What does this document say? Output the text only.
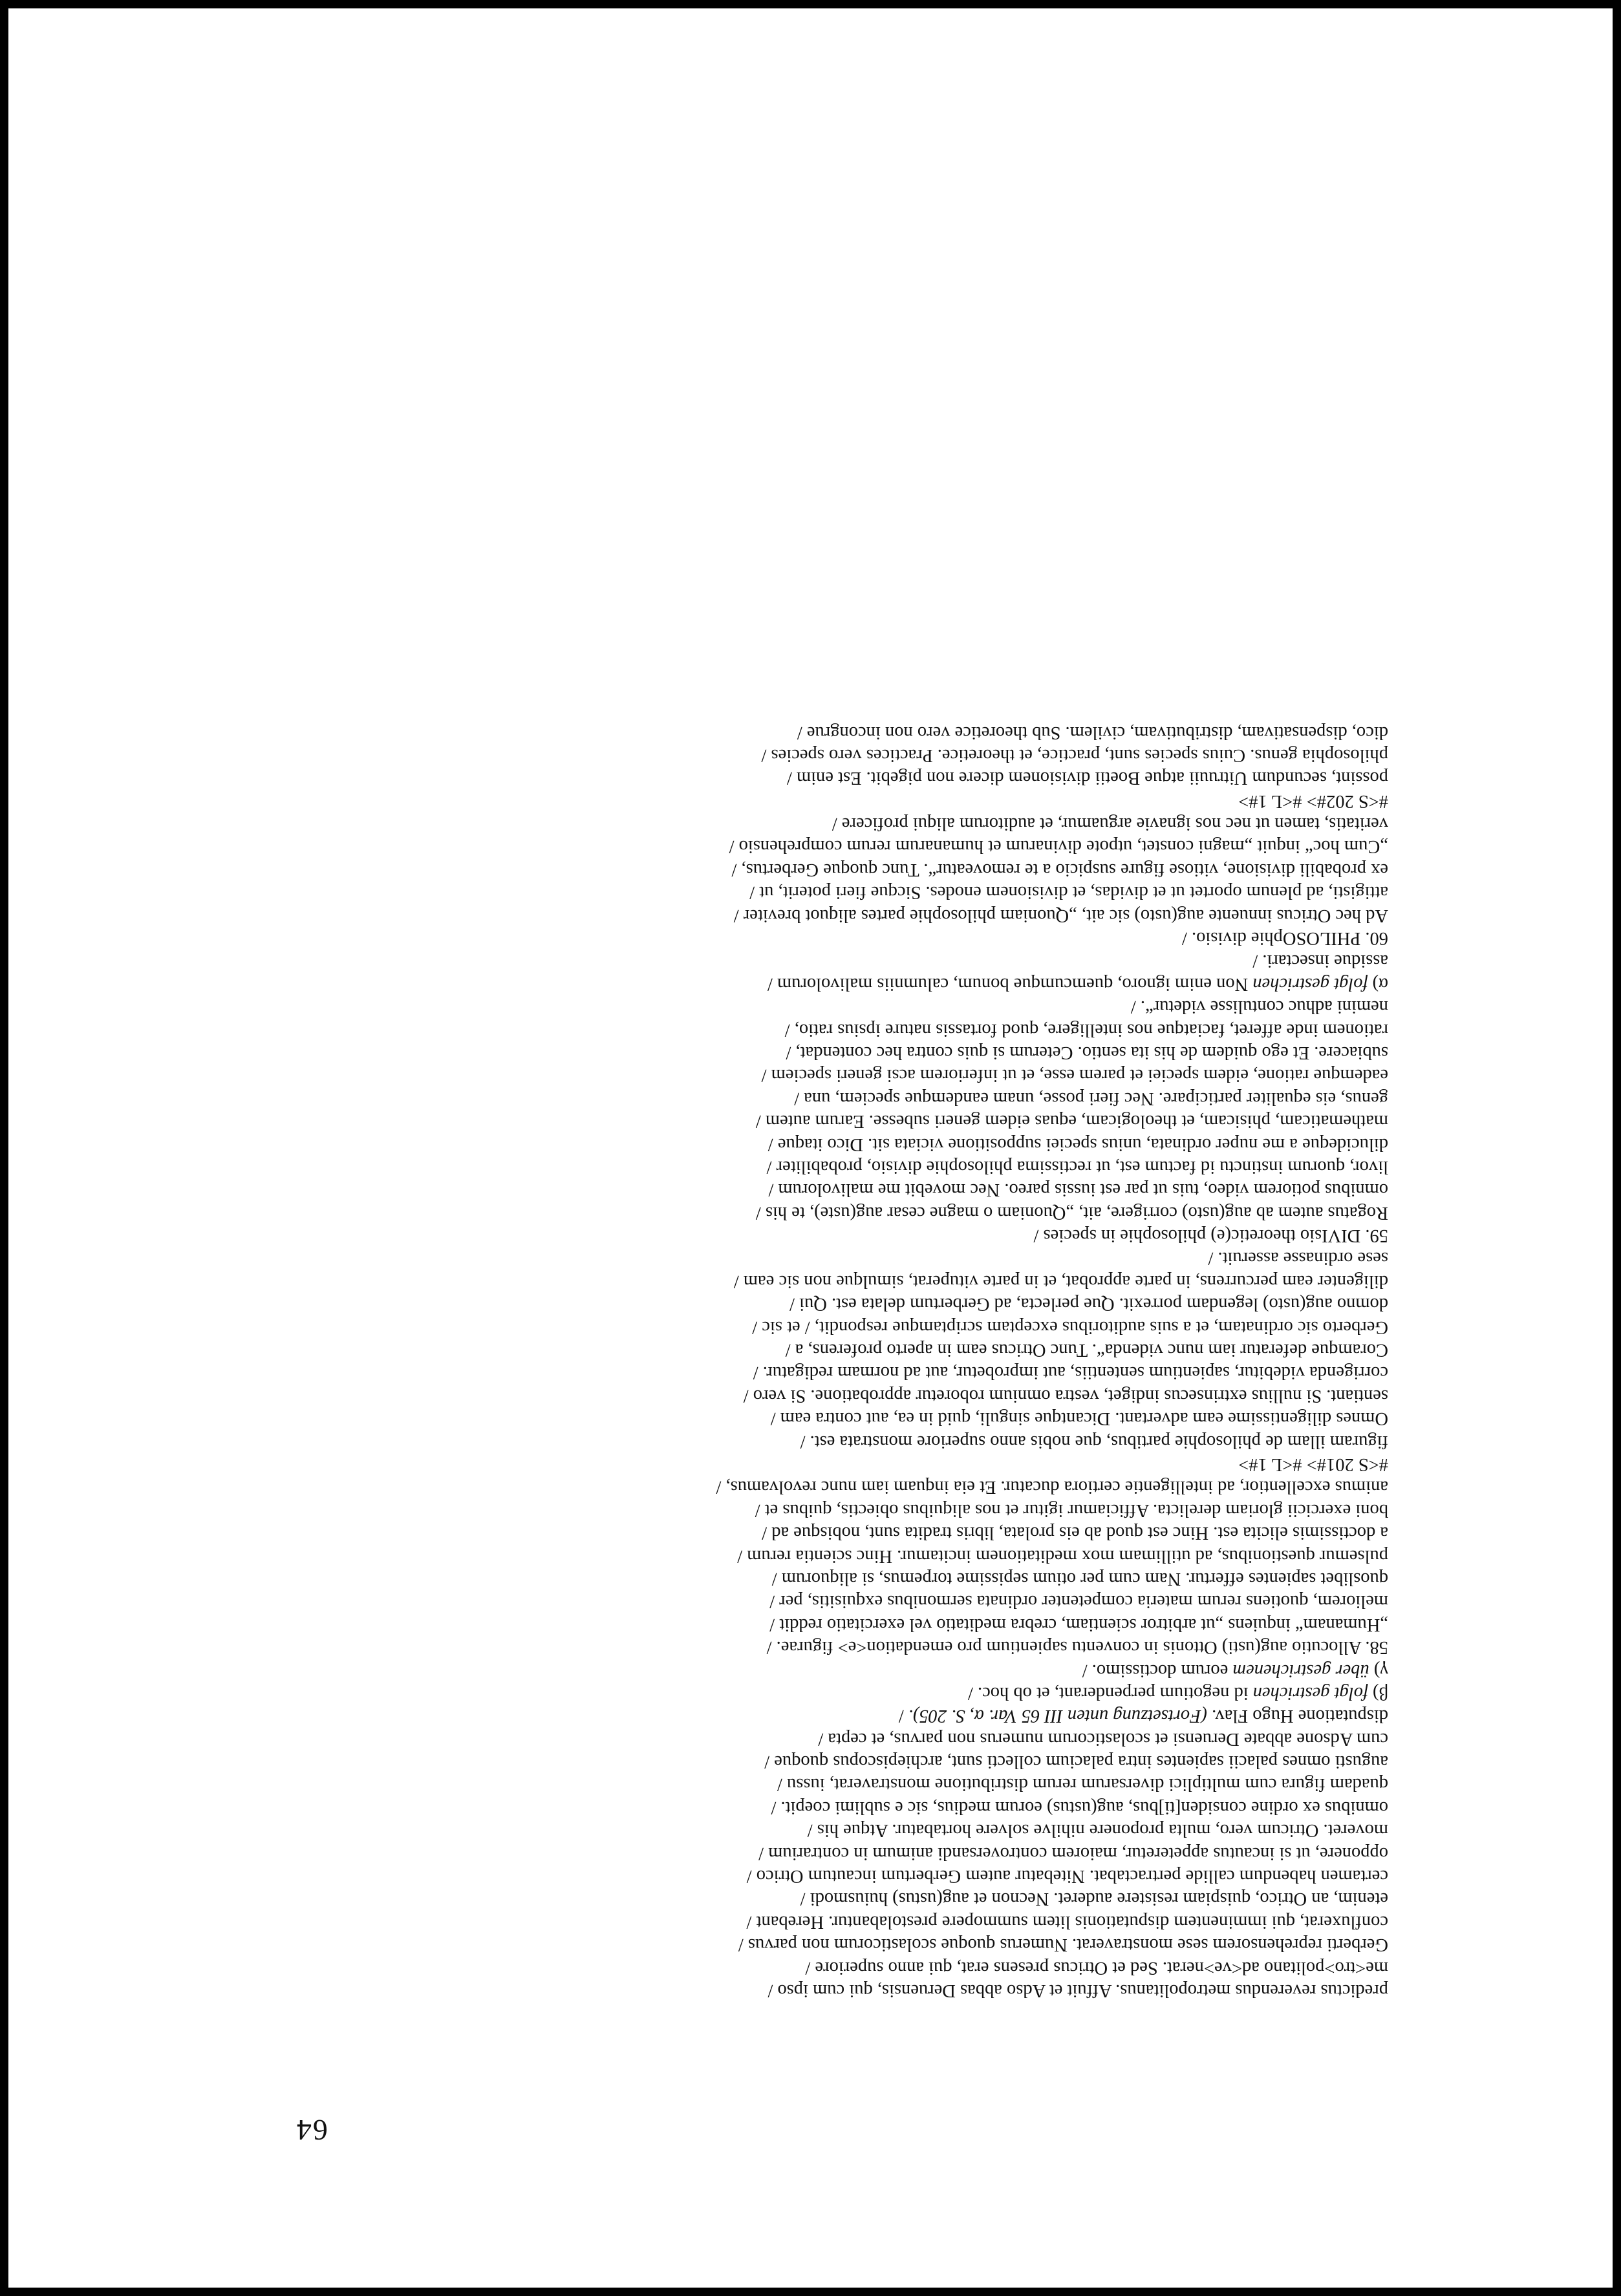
64
predictus reverendus metropolitanus. Affuit et Adso abbas Deruensis, qui cum ipso /
me<tro>politano ad<ve>nerat. Sed et Otricus presens erat, qui anno superiore /
Gerberti reprehensorem sese monstraverat. Numerus quoque scolasticorum non parvus /
confluxerat, qui imminentem disputationis litem summopere prestolabantur. Herebant /
etenim, an Otrico, quispiam resistere auderet. Necnon et aug(ustus) huiusmodi /
certamen habendum callide pertractabat. Nitebatur autem Gerbertum incautum Otrico /
opponere, ut si incautus appeteretur, maiorem controversandi animum in contrarium /
moveret. Otricum vero, multa proponere nihilve solvere hortabatur. Atque his /
omnibus ex ordine considen[ti]bus, aug(ustus) eorum medius, sic e sublimi coepit. /
quadam figura cum multiplici diversarum rerum distributione monstraverat, iussu /
augusti omnes palacii sapientes intra palacium collecti sunt, archiepiscopus quoque /
cum Adsone abbate Deruensi et scolasticorum numerus non parvus, et cepta /
disputatione Hugo Flav. (Fortsetzung unten III 65 Var. α, S. 205). /
β) folgt gestrichen id negotium perpenderant, et ob hoc. /
γ) über gestrichenem eorum doctissimo. /
58. Allocutio aug(usti) Ottonis in conventu sapientium pro emendation<e> figurae. /
„Humanam“ inquiens „ut arbitror scientiam, crebra meditatio vel exercitatio reddit /
meliorem, quotiens rerum materia competenter ordinata sermonibus exquisitis, per /
quoslibet sapientes effertur. Nam cum per otium sepissime torpemus, si aliquorum /
pulsemur questionibus, ad utillimam mox meditationem incitamur. Hinc scientia rerum /
a doctissimis elicita est. Hinc est quod ab eis prolata, libris tradita sunt, nobisque ad /
boni exercicii gloriam derelicta. Afficiamur igitur et nos aliquibus obiectis, quibus et /
animus excellentior, ad intelligentie certiora ducatur. Et eia inquam iam nunc revolvamus, /
#<S 201#> #<L 1#>
figuram illam de philosophie partibus, que nobis anno superiore monstrata est. /
Omnes diligentissime eam advertant. Dicantque singuli, quid in ea, aut contra eam /
sentiant. Si nullius extrinsecus indiget, vestra omnium roboretur approbatione. Si vero /
corrigenda videbitur, sapientium sententiis, aut improbetur, aut ad normam redigatur. /
Coramque deferatur iam nunc videnda“. Tunc Otricus eam in aperto proferens, a /
Gerberto sic ordinatam, et a suis auditoribus exceptam scriptamque respondit, / et sic /
domno aug(usto) legendam porrexit. Que perlecta, ad Gerbertum delata est. Qui /
diligenter eam percurrens, in parte approbat, et in parte vituperat, simulque non sic eam /
sese ordinasse asseruit. /
59. DIVIsio theoretic(e) philosophie in species /
Rogatus autem ab aug(usto) corrigere, ait, „Quoniam o magne cesar aug(uste), te his /
omnibus potiorem video, tuis ut par est iussis pareo. Nec movebit me malivolorum /
livor, quorum instinctu id factum est, ut rectissima philosophie divisio, probabiliter /
dilucideque a me nuper ordinata, unius speciei suppositione viciata sit. Dico itaque /
mathematicam, phisicam, et theologicam, equas eidem generi subesse. Earum autem /
genus, eis equaliter participare. Nec fieri posse, unam eandemque speciem, una /
eademque ratione, eidem speciei et parem esse, et ut inferiorem acsi generi speciem /
subiacere. Et ego quidem de his ita sentio. Ceterum si quis contra hec contendat, /
rationem inde afferet, faciatque nos intelligere, quod fortassis nature ipsius ratio, /
nemini adhuc contulisse videtur“. /
α) folgt gestrichen Non enim ignoro, quemcumque bonum, calumniis malivolorum /
assidue insectari. /
60. PHILOSOphie divisio. /
Ad hec Otricus innuente aug(usto) sic ait, „Quoniam philosophie partes aliquot breviter /
attigisti, ad plenum oportet ut et dividas, et divisionem enodes. Sicque fieri poterit, ut /
ex probabili divisione, vitiose figure suspicio a te removeatur“. Tunc quoque Gerbertus, /
„Cum hoc“ inquit „magni constet, utpote divinarum et humanarum rerum comprehensio /
veritatis, tamen ut nec nos ignavie arguamur, et auditorum aliqui proficere /
#<S 202#> #<L 1#>
possint, secundum Uitruuii atque Boetii divisionem dicere non pigebit. Est enim /
philosophia genus. Cuius species sunt, practice, et theoretice. Practices vero species /
dico, dispensativam, distributivam, civilem. Sub theoretice vero non incongrue /
